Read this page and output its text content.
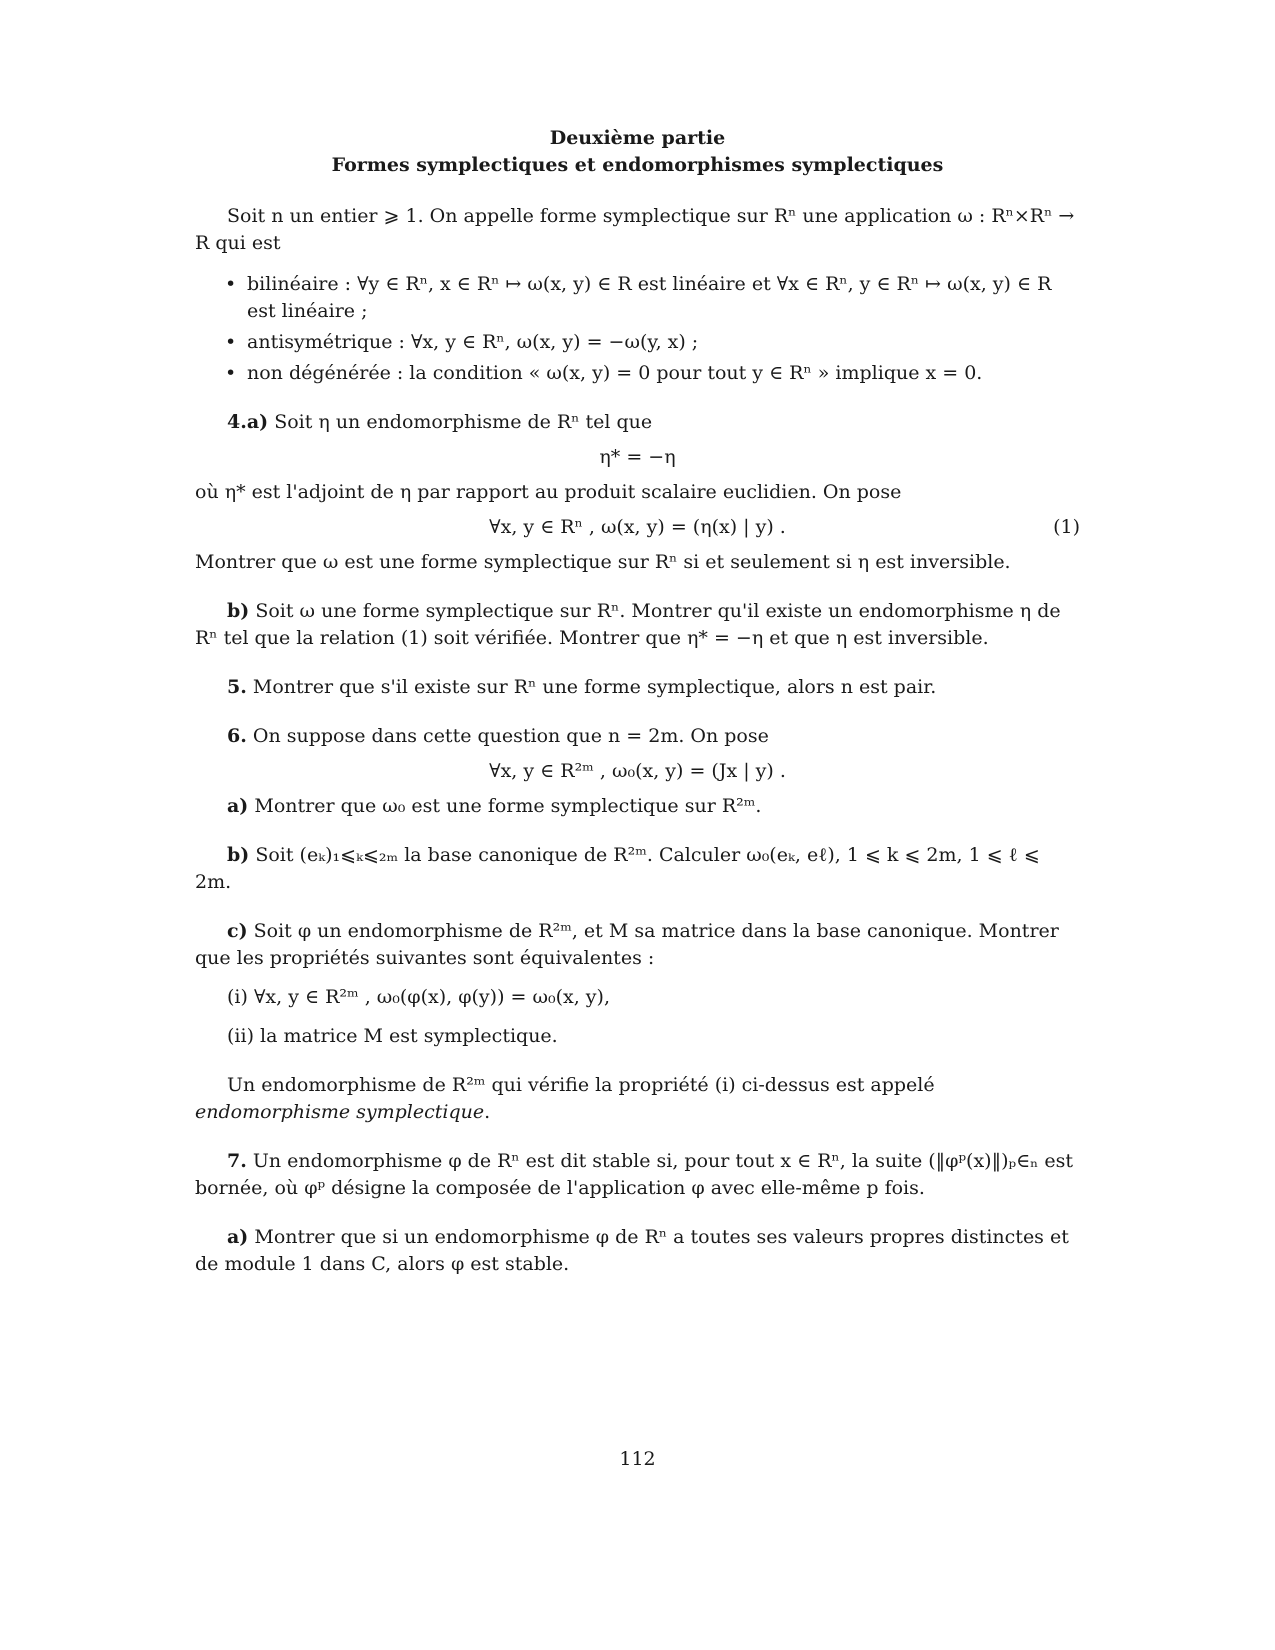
Deuxième partie
Formes symplectiques et endomorphismes symplectiques

Soit n un entier ⩾ 1. On appelle forme symplectique sur Rⁿ une application ω : Rⁿ×Rⁿ → R qui est

• bilinéaire : ∀y ∈ Rⁿ, x ∈ Rⁿ ↦ ω(x, y) ∈ R est linéaire et ∀x ∈ Rⁿ, y ∈ Rⁿ ↦ ω(x, y) ∈ R est linéaire ;
• antisymétrique : ∀x, y ∈ Rⁿ, ω(x, y) = −ω(y, x) ;
• non dégénérée : la condition « ω(x, y) = 0 pour tout y ∈ Rⁿ » implique x = 0.

4.a) Soit η un endomorphisme de Rⁿ tel que

η* = −η

où η* est l'adjoint de η par rapport au produit scalaire euclidien. On pose

∀x, y ∈ Rⁿ , ω(x, y) = (η(x) | y) .	(1)

Montrer que ω est une forme symplectique sur Rⁿ si et seulement si η est inversible.

b) Soit ω une forme symplectique sur Rⁿ. Montrer qu'il existe un endomorphisme η de Rⁿ tel que la relation (1) soit vérifiée. Montrer que η* = −η et que η est inversible.

5. Montrer que s'il existe sur Rⁿ une forme symplectique, alors n est pair.

6. On suppose dans cette question que n = 2m. On pose

∀x, y ∈ R²ᵐ , ω₀(x, y) = (Jx | y) .

a) Montrer que ω₀ est une forme symplectique sur R²ᵐ.

b) Soit (eₖ)₁⩽ₖ⩽₂ₘ la base canonique de R²ᵐ. Calculer ω₀(eₖ, eℓ), 1 ⩽ k ⩽ 2m, 1 ⩽ ℓ ⩽ 2m.

c) Soit φ un endomorphisme de R²ᵐ, et M sa matrice dans la base canonique. Montrer que les propriétés suivantes sont équivalentes :

(i) ∀x, y ∈ R²ᵐ , ω₀(φ(x), φ(y)) = ω₀(x, y),
(ii) la matrice M est symplectique.

Un endomorphisme de R²ᵐ qui vérifie la propriété (i) ci-dessus est appelé endomorphisme symplectique.

7. Un endomorphisme φ de Rⁿ est dit stable si, pour tout x ∈ Rⁿ, la suite (‖φᵖ(x)‖)ₚ∈ₙ est bornée, où φᵖ désigne la composée de l'application φ avec elle-même p fois.

a) Montrer que si un endomorphisme φ de Rⁿ a toutes ses valeurs propres distinctes et de module 1 dans C, alors φ est stable.

112
